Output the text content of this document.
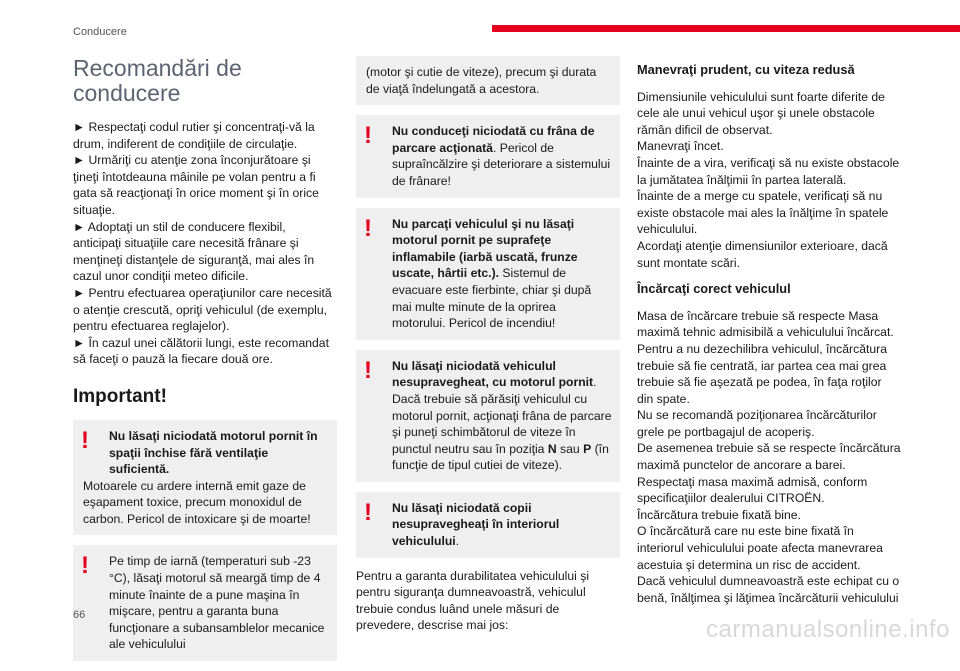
Conducere
Recomandări de conducere
► Respectaţi codul rutier şi concentraţi-vă la drum, indiferent de condiţiile de circulaţie.
► Urmăriţi cu atenţie zona înconjurătoare şi ţineţi întotdeauna mâinile pe volan pentru a fi gata să reacţionaţi în orice moment şi în orice situaţie.
► Adoptaţi un stil de conducere flexibil, anticipaţi situaţiile care necesită frânare şi menţineţi distanţele de siguranţă, mai ales în cazul unor condiţii meteo dificile.
► Pentru efectuarea operaţiunilor care necesită o atenţie crescută, opriţi vehiculul (de exemplu, pentru efectuarea reglajelor).
► În cazul unei călătorii lungi, este recomandat să faceţi o pauză la fiecare două ore.
Important!
!	Nu lăsaţi niciodată motorul pornit în spaţii închise fără ventilaţie suficientă.
Motoarele cu ardere internă emit gaze de eşapament toxice, precum monoxidul de carbon. Pericol de intoxicare şi de moarte!
!	Pe timp de iarnă (temperaturi sub -23 °C), lăsaţi motorul să meargă timp de 4 minute înainte de a pune maşina în mişcare, pentru a garanta buna funcţionare a subansamblelor mecanice ale vehiculului
(motor şi cutie de viteze), precum şi durata de viaţă îndelungată a acestora.
!	Nu conduceţi niciodată cu frâna de parcare acţionată. Pericol de supraîncălzire şi deteriorare a sistemului de frânare!
!	Nu parcaţi vehiculul şi nu lăsaţi motorul pornit pe suprafeţe inflamabile (iarbă uscată, frunze uscate, hârtii etc.). Sistemul de evacuare este fierbinte, chiar şi după mai multe minute de la oprirea motorului. Pericol de incendiu!
!	Nu lăsaţi niciodată vehiculul nesupravegheat, cu motorul pornit. Dacă trebuie să părăsiţi vehiculul cu motorul pornit, acţionaţi frâna de parcare şi puneţi schimbătorul de viteze în punctul neutru sau în poziţia N sau P (în funcţie de tipul cutiei de viteze).
!	Nu lăsaţi niciodată copii nesupravegheaţi în interiorul vehiculului.
Pentru a garanta durabilitatea vehiculului şi pentru siguranţa dumneavoastră, vehiculul trebuie condus luând unele măsuri de prevedere, descrise mai jos:
Manevraţi prudent, cu viteza redusă
Dimensiunile vehiculului sunt foarte diferite de cele ale unui vehicul uşor şi unele obstacole rămân dificil de observat.
Manevraţi încet.
Înainte de a vira, verificaţi să nu existe obstacole la jumătatea înălţimii în partea laterală.
Înainte de a merge cu spatele, verificaţi să nu existe obstacole mai ales la înălţime în spatele vehiculului.
Acordaţi atenţie dimensiunilor exterioare, dacă sunt montate scări.
Încărcaţi corect vehiculul
Masa de încărcare trebuie să respecte Masa maximă tehnic admisibilă a vehiculului încărcat.
Pentru a nu dezechilibra vehiculul, încărcătura trebuie să fie centrată, iar partea cea mai grea trebuie să fie aşezată pe podea, în faţa roţilor din spate.
Nu se recomandă poziţionarea încărcăturilor grele pe portbagajul de acoperiş.
De asemenea trebuie să se respecte încărcătura maximă punctelor de ancorare a barei.
Respectaţi masa maximă admisă, conform specificaţiilor dealerului CITROËN.
Încărcătura trebuie fixată bine.
O încărcătură care nu este bine fixată în interiorul vehiculului poate afecta manevrarea acestuia şi determina un risc de accident.
Dacă vehiculul dumneavoastră este echipat cu o benă, înălţimea şi lăţimea încărcăturii vehiculului
66
carmanualsonline.info
